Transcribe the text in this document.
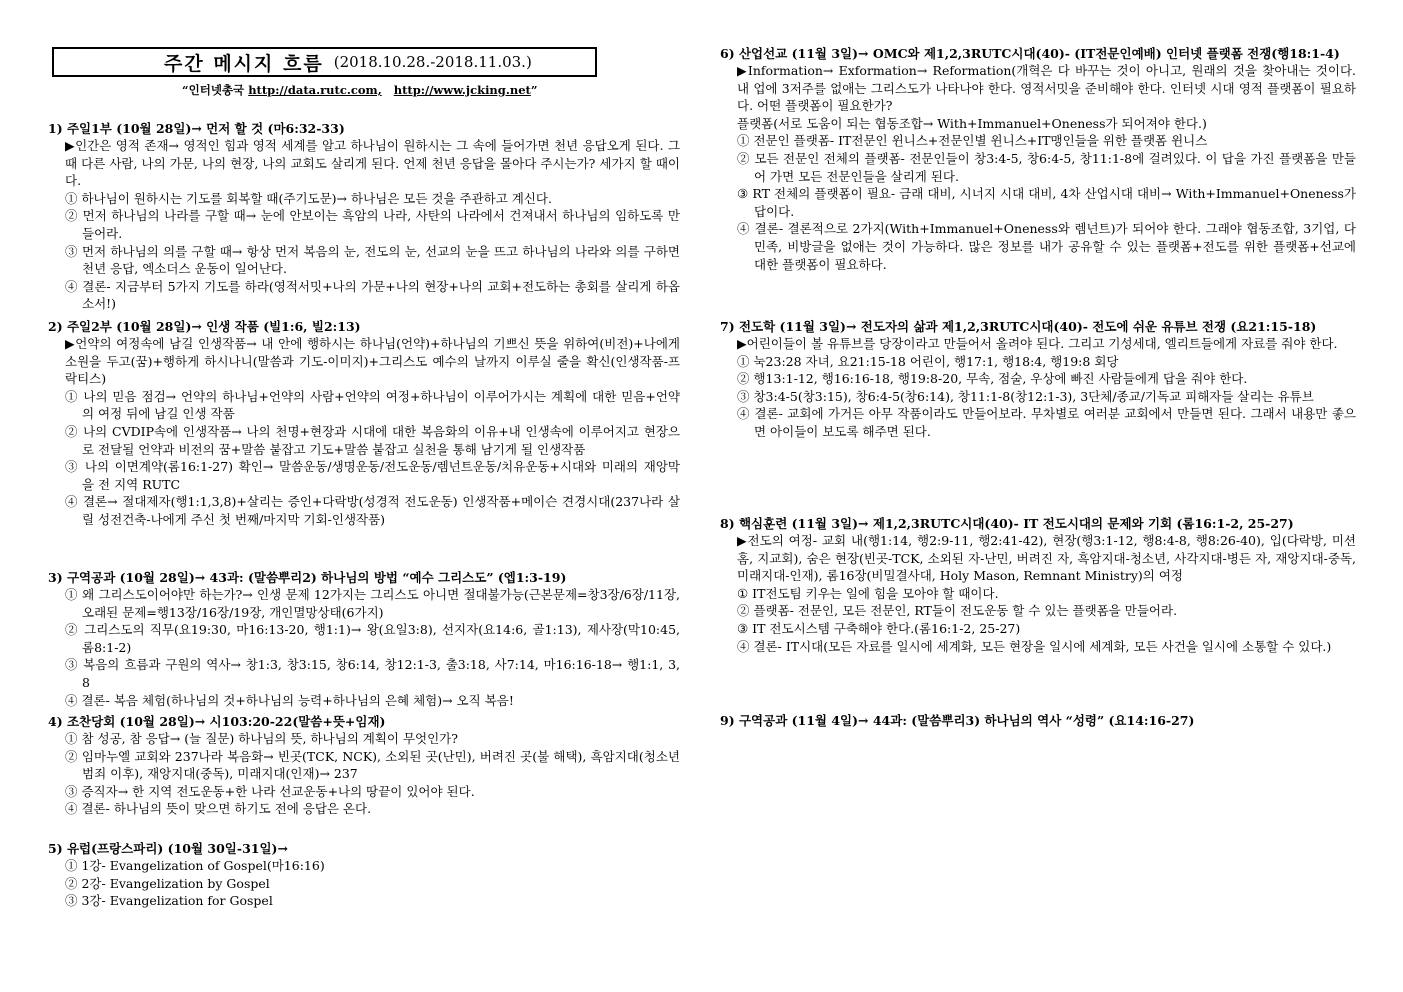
주간 메시지 흐름 (2018.10.28.-2018.11.03.)
“인터넷총국 http://data.rutc.com, http://www.jcking.net”

1) 주일1부 (10월 28일)→ 먼저 할 것 (마6:32-33)

▶인간은 영적 존재→ 영적인 힘과 영적 세계를 알고 하나님이 원하시는 그 속에 들어가면 천년 응답오게 된다. 그때 다른 사람, 나의 가문, 나의 현장, 나의 교회도 살리게 된다. 언제 천년 응답을 몰아다 주시는가? 세가지 할 때이다.

① 하나님이 원하시는 기도를 회복할 때(주기도문)→ 하나님은 모든 것을 주관하고 계신다.

② 먼저 하나님의 나라를 구할 때→ 눈에 안보이는 흑암의 나라, 사탄의 나라에서 건져내서 하나님의 임하도록 만들어라.

③ 먼저 하나님의 의를 구할 때→ 항상 먼저 복음의 눈, 전도의 눈, 선교의 눈을 뜨고 하나님의 나라와 의를 구하면 천년 응답, 엑소더스 운동이 일어난다.

④ 결론- 지금부터 5가지 기도를 하라(영적서밋+나의 가문+나의 현장+나의 교회+전도하는 총회를 살리게 하옵소서!)

2) 주일2부 (10월 28일)→ 인생 작품 (빌1:6, 빌2:13)

▶언약의 여정속에 남길 인생작품→ 내 안에 행하시는 하나님(언약)+하나님의 기쁘신 뜻을 위하여(비전)+나에게 소원을 두고(꿈)+행하게 하시나니(말씀과 기도-이미지)+그리스도 예수의 날까지 이루실 줄을 확신(인생작품-프락티스)

① 나의 믿음 점검→ 언약의 하나님+언약의 사람+언약의 여정+하나님이 이루어가시는 계획에 대한 믿음+언약의 여정 뒤에 남길 인생 작품

② 나의 CVDIP속에 인생작품→ 나의 천명+현장과 시대에 대한 복음화의 이유+내 인생속에 이루어지고 현장으로 전달될 언약과 비전의 꿈+말씀 붙잡고 기도+말씀 붙잡고 실천을 통해 남기게 될 인생작품

③ 나의 이면계약(롬16:1-27) 확인→ 말씀운동/생명운동/전도운동/렘넌트운동/치유운동+시대와 미래의 재앙막을 전 지역 RUTC

④ 결론→ 절대제자(행1:1,3,8)+살리는 증인+다락방(성경적 전도운동) 인생작품+메이슨 견경시대(237나라 살릴 성전건축-나에게 주신 첫 번째/마지막 기회-인생작품)

3) 구역공과 (10월 28일)→ 43과: (말씀뿌리2) 하나님의 방법 “예수 그리스도” (엡1:3-19)

① 왜 그리스도이어야만 하는가?→ 인생 문제 12가지는 그리스도 아니면 절대불가능(근본문제=창3장/6장/11장, 오래된 문제=행13장/16장/19장, 개인멸망상태(6가지)

② 그리스도의 직무(요19:30, 마16:13-20, 행1:1)→ 왕(요일3:8), 선지자(요14:6, 골1:13), 제사장(막10:45, 롬8:1-2)

③ 복음의 흐름과 구원의 역사→ 창1:3, 창3:15, 창6:14, 창12:1-3, 출3:18, 사7:14, 마16:16-18→ 행1:1, 3, 8

④ 결론- 복음 체험(하나님의 것+하나님의 능력+하나님의 은혜 체험)→ 오직 복음!

4) 조찬당회 (10월 28일)→ 시103:20-22(말씀+뜻+임재)

① 참 성공, 참 응답→ (늘 질문) 하나님의 뜻, 하나님의 계획이 무엇인가?

② 임마누엘 교회와 237나라 복음화→ 빈곳(TCK, NCK), 소외된 곳(난민), 버려진 곳(불 해택), 흑암지대(청소년 범죄 이후), 재앙지대(중독), 미래지대(인재)→ 237

③ 증직자→ 한 지역 전도운동+한 나라 선교운동+나의 땅끝이 있어야 된다.

④ 결론- 하나님의 뜻이 맞으면 하기도 전에 응답은 온다.

5) 유럽(프랑스파리) (10월 30일-31일)→

① 1강- Evangelization of Gospel(마16:16)

② 2강- Evangelization by Gospel

③ 3강- Evangelization for Gospel

6) 산업선교 (11월 3일)→ OMC와 제1,2,3RUTC시대(40)- (IT전문인예배) 인터넷 플랫폼 전쟁(행18:1-4)

▶Information→ Exformation→ Reformation(개혁은 다 바꾸는 것이 아니고, 원래의 것을 찾아내는 것이다. 내 업에 3저주를 없애는 그리스도가 나타나야 한다. 영적서밋을 준비해야 한다. 인터넷 시대 영적 플랫폼이 필요하다. 어떤 플랫폼이 필요한가?

플랫폼(서로 도움이 되는 협동조합→ With+Immanuel+Oneness가 되어져야 한다.)

① 전문인 플랫폼- IT전문인 윈니스+전문인별 윈니스+IT맹인들을 위한 플랫폼 윈니스

② 모든 전문인 전체의 플랫폼- 전문인들이 창3:4-5, 창6:4-5, 창11:1-8에 걸려있다. 이 답을 가진 플랫폼을 만들어 가면 모든 전문인들을 살리게 된다.

③ RT 전체의 플랫폼이 필요- 금래 대비, 시너지 시대 대비, 4차 산업시대 대비→ With+Immanuel+Oneness가 답이다.

④ 결론- 결론적으로 2가지(With+Immanuel+Oneness와 렘넌트)가 되어야 한다. 그래야 협동조합, 3기업, 다민족, 비방글을 없애는 것이 가능하다. 많은 정보를 내가 공유할 수 있는 플랫폼+전도를 위한 플랫폼+선교에 대한 플랫폼이 필요하다.

7) 전도학 (11월 3일)→ 전도자의 삶과 제1,2,3RUTC시대(40)- 전도에 쉬운 유튜브 전쟁 (요21:15-18)

▶어린이들이 볼 유튜브를 당장이라고 만들어서 올려야 된다. 그리고 기성세대, 엘리트들에게 자료를 줘야 한다.

① 눅23:28 자녀, 요21:15-18 어린이, 행17:1, 행18:4, 행19:8 회당

② 행13:1-12, 행16:16-18, 행19:8-20, 무속, 점술, 우상에 빠진 사람들에게 답을 줘야 한다.

③ 창3:4-5(창3:15), 창6:4-5(창6:14), 창11:1-8(창12:1-3), 3단체/종교/기독교 피해자들 살리는 유튜브

④ 결론- 교회에 가거든 아무 작품이라도 만들어보라. 무차별로 여러분 교회에서 만들면 된다. 그래서 내용만 좋으면 아이들이 보도록 해주면 된다.

8) 핵심훈련 (11월 3일)→ 제1,2,3RUTC시대(40)- IT 전도시대의 문제와 기회 (롬16:1-2, 25-27)

▶전도의 여정- 교회 내(행1:14, 행2:9-11, 행2:41-42), 현장(행3:1-12, 행8:4-8, 행8:26-40), 입(다락방, 미션홈, 지교회), 숨은 현장(빈곳-TCK, 소외된 자-난민, 버려진 자, 흑암지대-청소년, 사각지대-병든 자, 재앙지대-중독, 미래지대-인재), 롬16장(비밀결사대, Holy Mason, Remnant Ministry)의 여정

① IT전도팀 키우는 일에 힘을 모아야 할 때이다.

② 플랫폼- 전문인, 모든 전문인, RT들이 전도운동 할 수 있는 플랫폼을 만들어라.

③ IT 전도시스템 구축해야 한다.(롬16:1-2, 25-27)

④ 결론- IT시대(모든 자료를 일시에 세계화, 모든 현장을 일시에 세계화, 모든 사건을 일시에 소통할 수 있다.)

9) 구역공과 (11월 4일)→ 44과: (말씀뿌리3) 하나님의 역사 “성령” (요14:16-27)
